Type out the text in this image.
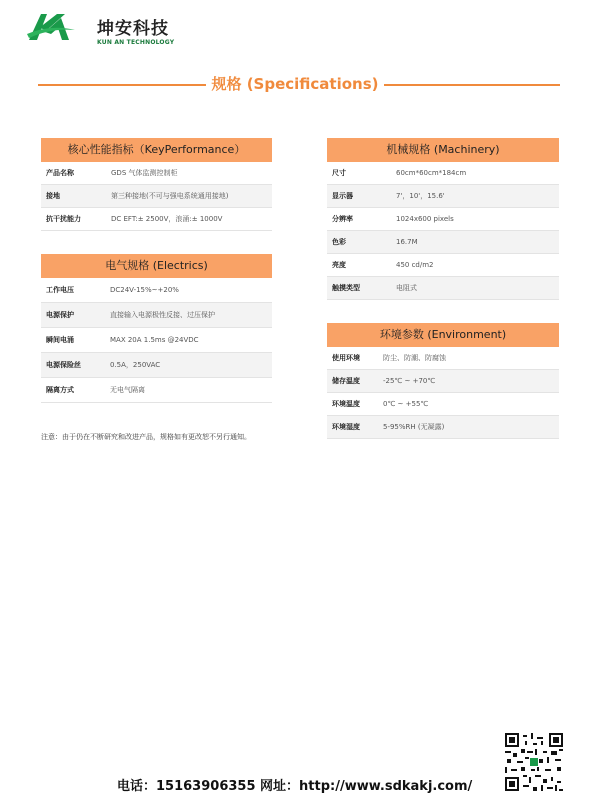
坤安科技
KUN AN TECHNOLOGY
规格 (Specifications)
核心性能指标（KeyPerformance）
产品名称	GDS 气体监测控制柜
接地	第三种接地(不可与强电系统通用接地)
抗干扰能力	DC EFT:± 2500V，浪涌:± 1000V
电气规格 (Electrics)
工作电压	DC24V-15%~+20%
电源保护	直接输入电源极性反接、过压保护
瞬间电涌	MAX 20A 1.5ms @24VDC
电源保险丝	0.5A，250VAC
隔离方式	无电气隔离
机械规格 (Machinery)
尺寸	60cm*60cm*184cm
显示器	7'，10'，15.6'
分辨率	1024x600 pixels
色彩	16.7M
亮度	450 cd/m2
触摸类型	电阻式
环境参数 (Environment)
使用环境	防尘、防潮、防腐蚀
储存温度	-25℃ ~ +70℃
环境温度	0℃ ~ +55℃
环境湿度	5-95%RH (无凝露)
注意：由于仍在不断研究和改进产品，规格如有更改恕不另行通知。
电话：15163906355 网址：http://www.sdkakj.com/
